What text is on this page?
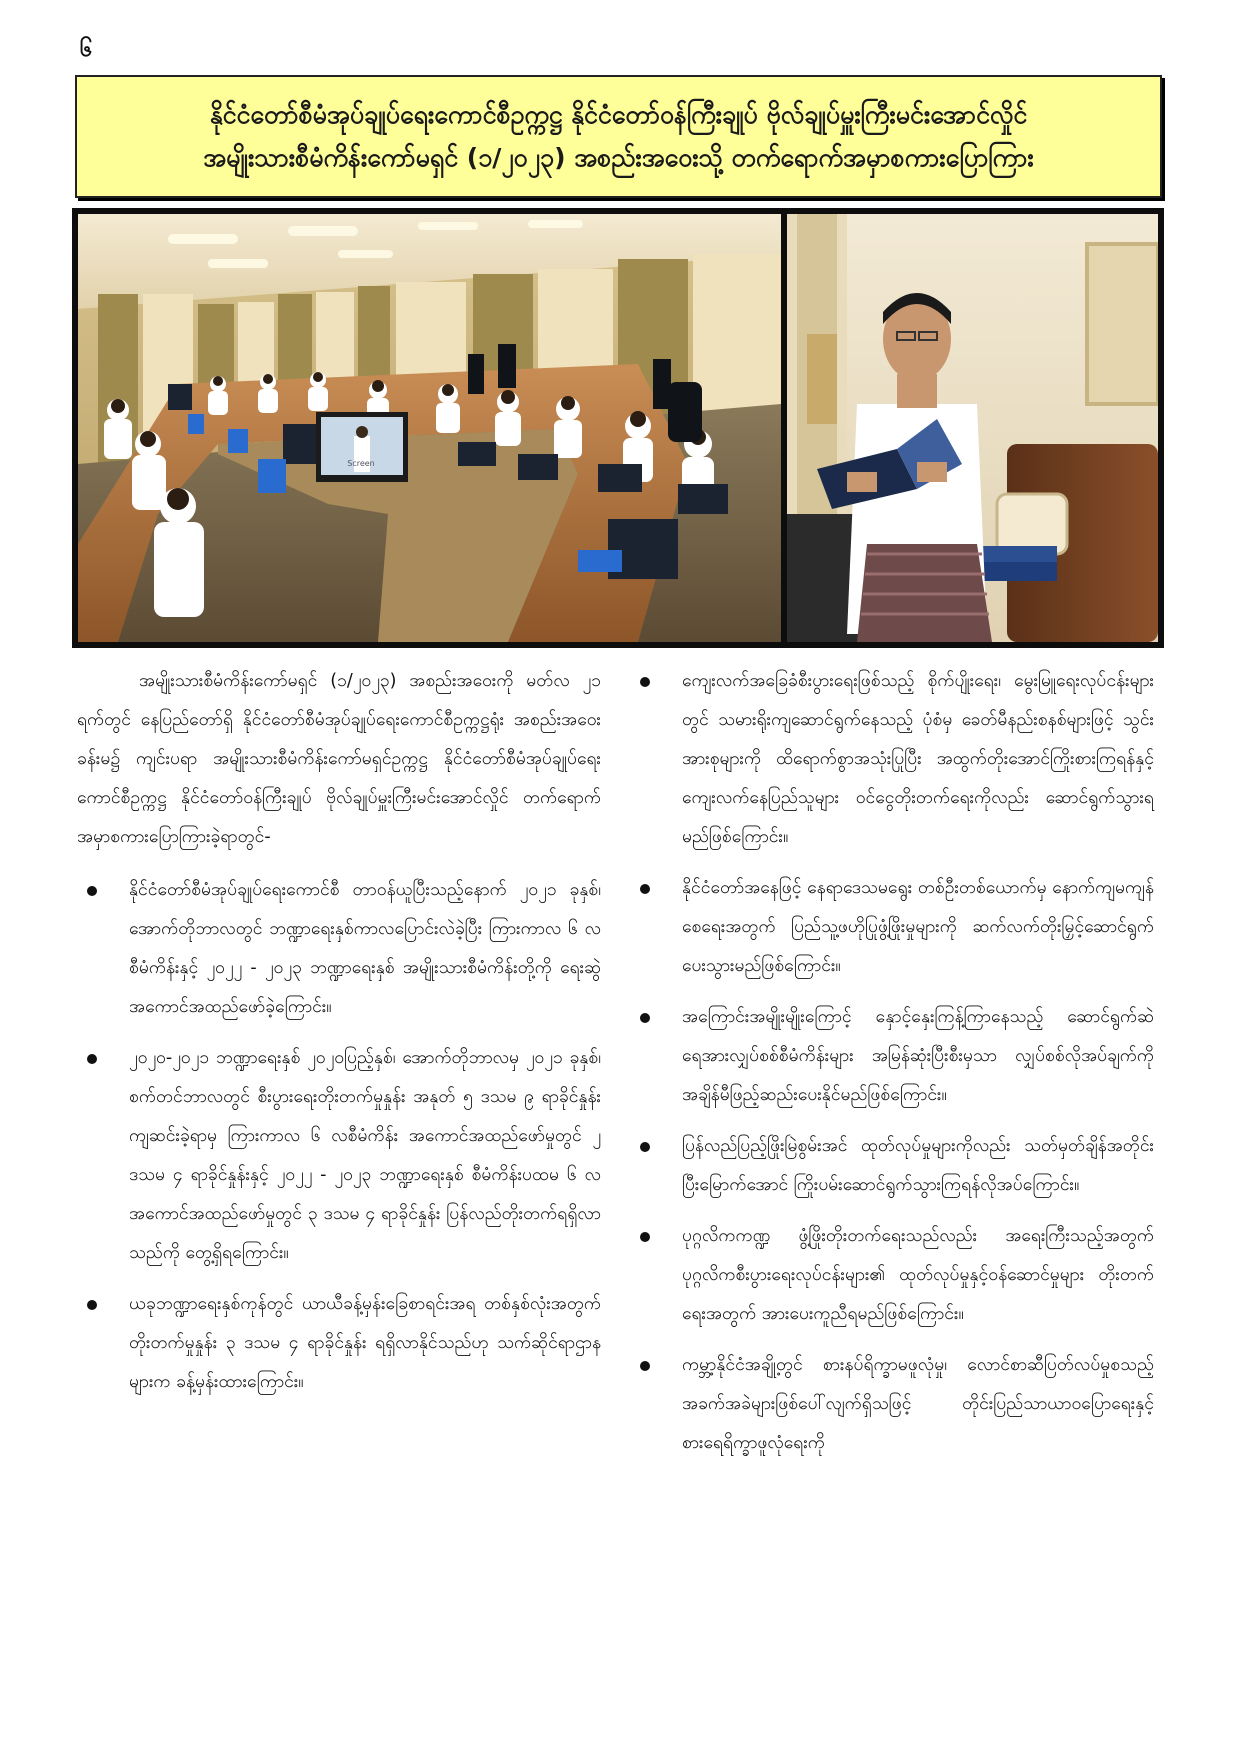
၆
နိုင်ငံတော်စီမံအုပ်ချုပ်ရေးကောင်စီဥက္ကဋ္ဌ နိုင်ငံတော်ဝန်ကြီးချုပ် ဗိုလ်ချုပ်မှူးကြီးမင်းအောင်လှိုင်
အမျိုးသားစီမံကိန်းကော်မရှင် (၁/၂၀၂၃) အစည်းအဝေးသို့ တက်ရောက်အမှာစကားပြောကြား
Screen

အမျိုးသားစီမံကိန်းကော်မရှင် (၁/၂၀၂၃) အစည်းအဝေးကို မတ်လ ၂၁ ရက်တွင် နေပြည်တော်ရှိ နိုင်ငံတော်စီမံအုပ်ချုပ်ရေးကောင်စီဥက္ကဋ္ဌရုံး အစည်းအဝေးခန်းမ၌ ကျင်းပရာ အမျိုးသားစီမံကိန်းကော်မရှင်ဥက္ကဋ္ဌ နိုင်ငံတော်စီမံအုပ်ချုပ်ရေးကောင်စီဥက္ကဋ္ဌ နိုင်ငံတော်ဝန်ကြီးချုပ် ဗိုလ်ချုပ်မှူးကြီးမင်းအောင်လှိုင် တက်ရောက်အမှာစကားပြောကြားခဲ့ရာတွင်-

နိုင်ငံတော်စီမံအုပ်ချုပ်ရေးကောင်စီ တာဝန်ယူပြီးသည့်နောက် ၂၀၂၁ ခုနှစ်၊ အောက်တိုဘာလတွင် ဘဏ္ဍာရေးနှစ်ကာလပြောင်းလဲခဲ့ပြီး ကြားကာလ ၆ လ စီမံကိန်းနှင့် ၂၀၂၂ - ၂၀၂၃ ဘဏ္ဍာရေးနှစ် အမျိုးသားစီမံကိန်းတို့ကို ရေးဆွဲအကောင်အထည်ဖော်ခဲ့ကြောင်း။
၂၀၂၀-၂၀၂၁ ဘဏ္ဍာရေးနှစ် ၂၀၂၀ပြည့်နှစ်၊ အောက်တိုဘာလမှ ၂၀၂၁ ခုနှစ်၊ စက်တင်ဘာလတွင် စီးပွားရေးတိုးတက်မှုနှုန်း အနုတ် ၅ ဒသမ ၉ ရာခိုင်နှုန်း ကျဆင်းခဲ့ရာမှ ကြားကာလ ၆ လစီမံကိန်း အကောင်အထည်ဖော်မှုတွင် ၂ ဒသမ ၄ ရာခိုင်နှုန်းနှင့် ၂၀၂၂ - ၂၀၂၃ ဘဏ္ဍာရေးနှစ် စီမံကိန်းပထမ ၆ လ အကောင်အထည်ဖော်မှုတွင် ၃ ဒသမ ၄ ရာခိုင်နှုန်း ပြန်လည်တိုးတက်ရရှိလာသည်ကို တွေ့ရှိရကြောင်း။
ယခုဘဏ္ဍာရေးနှစ်ကုန်တွင် ယာယီခန့်မှန်းခြေစာရင်းအရ တစ်နှစ်လုံးအတွက် တိုးတက်မှုနှုန်း ၃ ဒသမ ၄ ရာခိုင်နှုန်း ရရှိလာနိုင်သည်ဟု သက်ဆိုင်ရာဌာနများက ခန့်မှန်းထားကြောင်း။
ကျေးလက်အခြေခံစီးပွားရေးဖြစ်သည့် စိုက်ပျိုးရေး၊ မွေးမြူရေးလုပ်ငန်းများတွင် သမားရိုးကျဆောင်ရွက်နေသည့် ပုံစံမှ ခေတ်မီနည်းစနစ်များဖြင့် သွင်းအားစုများကို ထိရောက်စွာအသုံးပြုပြီး အထွက်တိုးအောင်ကြိုးစားကြရန်နှင့် ကျေးလက်နေပြည်သူများ ဝင်ငွေတိုးတက်ရေးကိုလည်း ဆောင်ရွက်သွားရမည်ဖြစ်ကြောင်း။
နိုင်ငံတော်အနေဖြင့် နေရာဒေသမရွေး တစ်ဦးတစ်ယောက်မှ နောက်ကျမကျန်စေရေးအတွက် ပြည်သူ့ဖဟိုပြုဖွံ့ဖြိုးမှုများကို ဆက်လက်တိုးမြှင့်ဆောင်ရွက်ပေးသွားမည်ဖြစ်ကြောင်း။
အကြောင်းအမျိုးမျိုးကြောင့် နှောင့်နှေးကြန့်ကြာနေသည့် ဆောင်ရွက်ဆဲ ရေအားလျှပ်စစ်စီမံကိန်းများ အမြန်ဆုံးပြီးစီးမှသာ လျှပ်စစ်လိုအပ်ချက်ကို အချိန်မီဖြည့်ဆည်းပေးနိုင်မည်ဖြစ်ကြောင်း။
ပြန်လည်ပြည့်ဖြိုးမြဲစွမ်းအင် ထုတ်လုပ်မှုများကိုလည်း သတ်မှတ်ချိန်အတိုင်း ပြီးမြောက်အောင် ကြိုးပမ်းဆောင်ရွက်သွားကြရန်လိုအပ်ကြောင်း။
ပုဂ္ဂလိကကဏ္ဍ ဖွံ့ဖြိုးတိုးတက်ရေးသည်လည်း အရေးကြီးသည့်အတွက် ပုဂ္ဂလိကစီးပွားရေးလုပ်ငန်းများ၏ ထုတ်လုပ်မှုနှင့်ဝန်ဆောင်မှုများ တိုးတက်ရေးအတွက် အားပေးကူညီရမည်ဖြစ်ကြောင်း။
ကမ္ဘာ့နိုင်ငံအချို့တွင် စားနပ်ရိက္ခာမဖူလုံမှု၊ လောင်စာဆီပြတ်လပ်မှုစသည့် အခက်အခဲများဖြစ်ပေါ်လျက်ရှိသဖြင့် တိုင်းပြည်သာယာဝပြောရေးနှင့် စားရေရိက္ခာဖူလုံရေးကို
